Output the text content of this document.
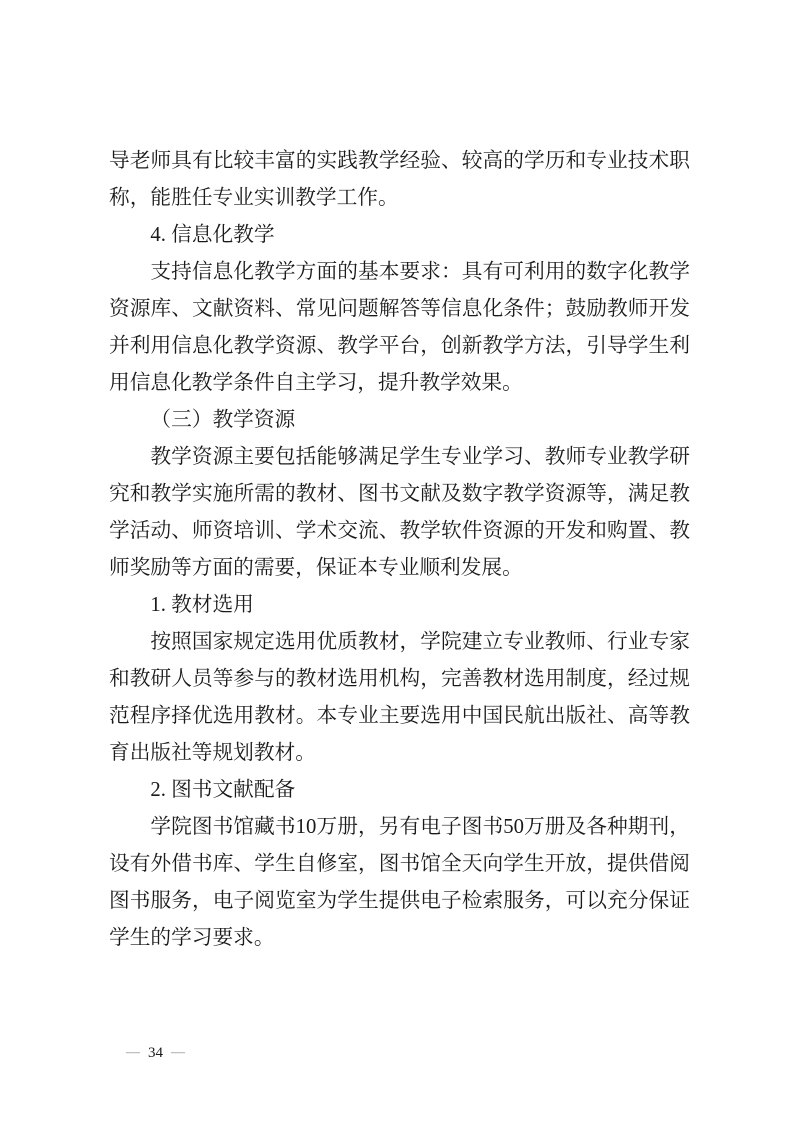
导老师具有比较丰富的实践教学经验、较高的学历和专业技术职
称，能胜任专业实训教学工作。
4. 信息化教学
支持信息化教学方面的基本要求：具有可利用的数字化教学
资源库、文献资料、常见问题解答等信息化条件；鼓励教师开发
并利用信息化教学资源、教学平台，创新教学方法，引导学生利
用信息化教学条件自主学习，提升教学效果。
（三）教学资源
教学资源主要包括能够满足学生专业学习、教师专业教学研
究和教学实施所需的教材、图书文献及数字教学资源等，满足教
学活动、师资培训、学术交流、教学软件资源的开发和购置、教
师奖励等方面的需要，保证本专业顺利发展。
1. 教材选用
按照国家规定选用优质教材，学院建立专业教师、行业专家
和教研人员等参与的教材选用机构，完善教材选用制度，经过规
范程序择优选用教材。本专业主要选用中国民航出版社、高等教
育出版社等规划教材。
2. 图书文献配备
学院图书馆藏书10万册，另有电子图书50万册及各种期刊，
设有外借书库、学生自修室，图书馆全天向学生开放，提供借阅
图书服务，电子阅览室为学生提供电子检索服务，可以充分保证
学生的学习要求。
— 34 —
